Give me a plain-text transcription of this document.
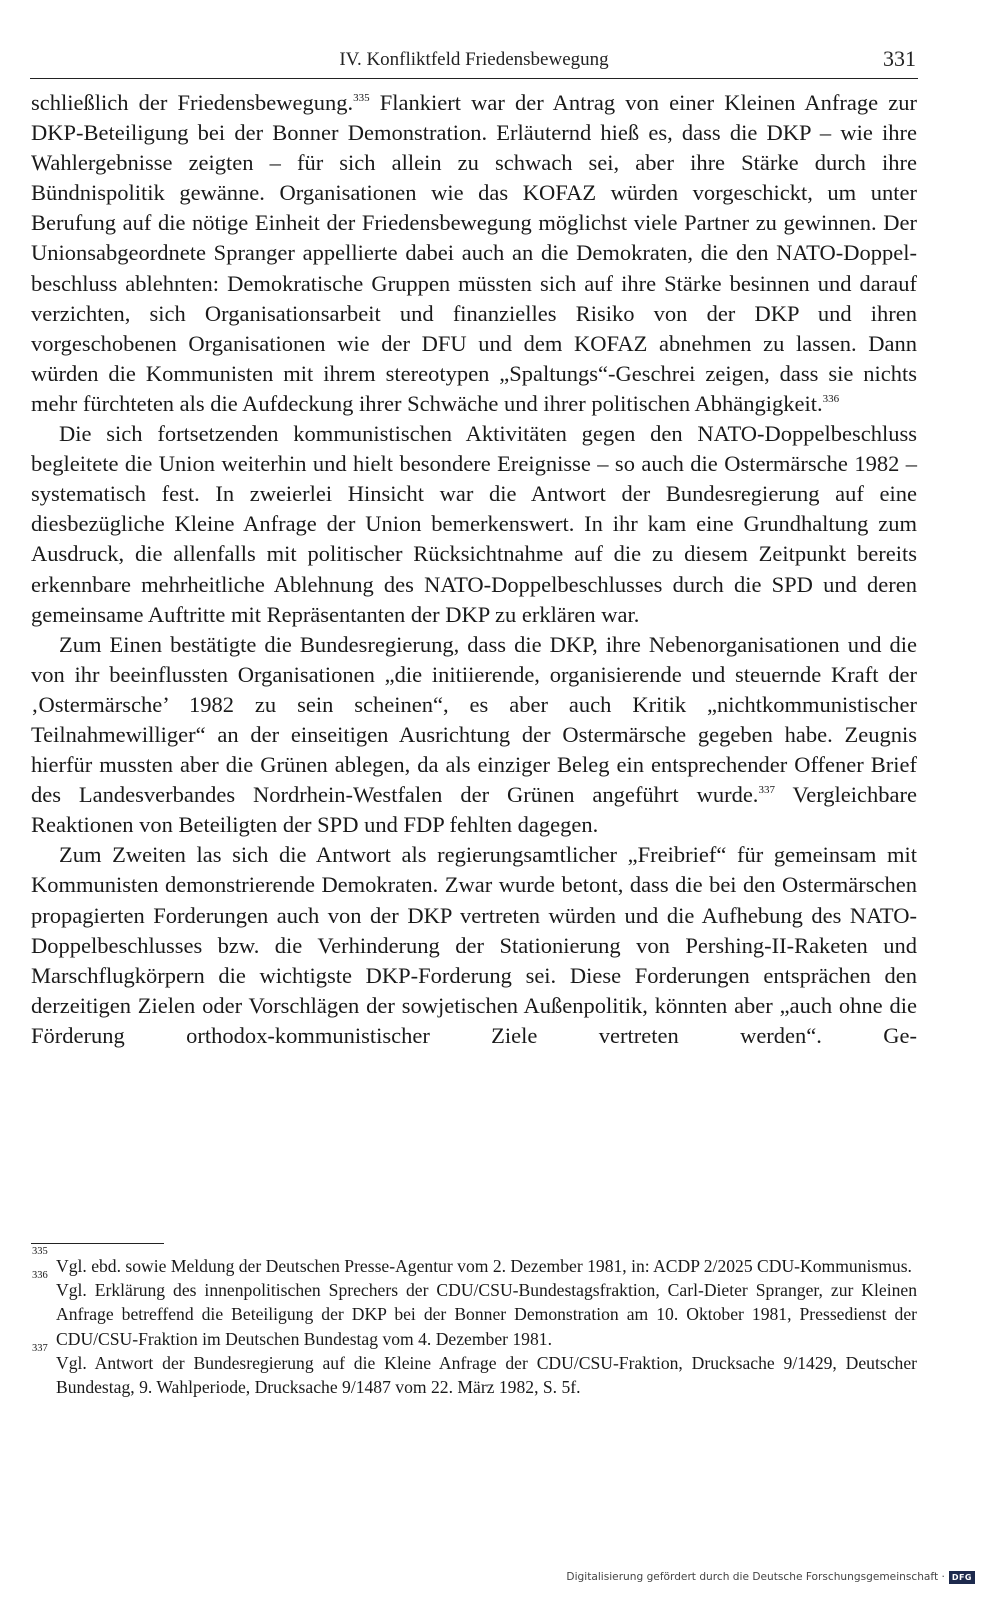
IV. Konfliktfeld Friedensbewegung	331

schließlich der Friedensbewegung.$^{335}$ Flankiert war der Antrag von einer Kleinen Anfrage zur DKP-Beteiligung bei der Bonner Demonstration. Erläuternd hieß es, dass die DKP – wie ihre Wahlergebnisse zeigten – für sich allein zu schwach sei, aber ihre Stärke durch ihre Bündnispolitik gewänne. Organisationen wie das KOFAZ würden vorgeschickt, um unter Berufung auf die nötige Einheit der Friedensbewegung möglichst viele Partner zu gewinnen. Der Unionsabgeordnete Spranger appellierte dabei auch an die Demokraten, die den NATO-Doppelbeschluss ablehnten: Demokratische Gruppen müssten sich auf ihre Stärke besinnen und darauf verzichten, sich Organisationsarbeit und finanzielles Risiko von der DKP und ihren vorgeschobenen Organisationen wie der DFU und dem KOFAZ abnehmen zu lassen. Dann würden die Kommunisten mit ihrem stereotypen „Spaltungs“-Geschrei zeigen, dass sie nichts mehr fürchteten als die Aufdeckung ihrer Schwäche und ihrer politischen Abhängigkeit.$^{336}$

Die sich fortsetzenden kommunistischen Aktivitäten gegen den NATO-Doppelbeschluss begleitete die Union weiterhin und hielt besondere Ereignisse – so auch die Ostermärsche 1982 – systematisch fest. In zweierlei Hinsicht war die Antwort der Bundesregierung auf eine diesbezügliche Kleine Anfrage der Union bemerkenswert. In ihr kam eine Grundhaltung zum Ausdruck, die allenfalls mit politischer Rücksichtnahme auf die zu diesem Zeitpunkt bereits erkennbare mehrheitliche Ablehnung des NATO-Doppelbeschlusses durch die SPD und deren gemeinsame Auftritte mit Repräsentanten der DKP zu erklären war.

Zum Einen bestätigte die Bundesregierung, dass die DKP, ihre Nebenorganisationen und die von ihr beeinflussten Organisationen „die initiierende, organisierende und steuernde Kraft der ‚Ostermärsche’ 1982 zu sein scheinen“, es aber auch Kritik „nichtkommunistischer Teilnahmewilliger“ an der einseitigen Ausrichtung der Ostermärsche gegeben habe. Zeugnis hierfür mussten aber die Grünen ablegen, da als einziger Beleg ein entsprechender Offener Brief des Landesverbandes Nordrhein-Westfalen der Grünen angeführt wurde.$^{337}$ Vergleichbare Reaktionen von Beteiligten der SPD und FDP fehlten dagegen.

Zum Zweiten las sich die Antwort als regierungsamtlicher „Freibrief“ für gemeinsam mit Kommunisten demonstrierende Demokraten. Zwar wurde betont, dass die bei den Ostermärschen propagierten Forderungen auch von der DKP vertreten würden und die Aufhebung des NATO-Doppelbeschlusses bzw. die Verhinderung der Stationierung von Pershing-II-Raketen und Marschflugkörpern die wichtigste DKP-Forderung sei. Diese Forderungen entsprächen den derzeitigen Zielen oder Vorschlägen der sowjetischen Außenpolitik, könnten aber „auch ohne die Förderung orthodox-kommunistischer Ziele vertreten werden“. Ge-

335
Vgl. ebd. sowie Meldung der Deutschen Presse-Agentur vom 2. Dezember 1981, in: ACDP 2/2025 CDU-Kommunismus.
336
Vgl. Erklärung des innenpolitischen Sprechers der CDU/CSU-Bundestagsfraktion, Carl-Dieter Spranger, zur Kleinen Anfrage betreffend die Beteiligung der DKP bei der Bonner Demonstration am 10. Oktober 1981, Pressedienst der CDU/CSU-Fraktion im Deutschen Bundestag vom 4. Dezember 1981.
337
Vgl. Antwort der Bundesregierung auf die Kleine Anfrage der CDU/CSU-Fraktion, Drucksache 9/1429, Deutscher Bundestag, 9. Wahlperiode, Drucksache 9/1487 vom 22. März 1982, S. 5f.
Digitalisierung gefördert durch die Deutsche Forschungsgemeinschaft · DFG
